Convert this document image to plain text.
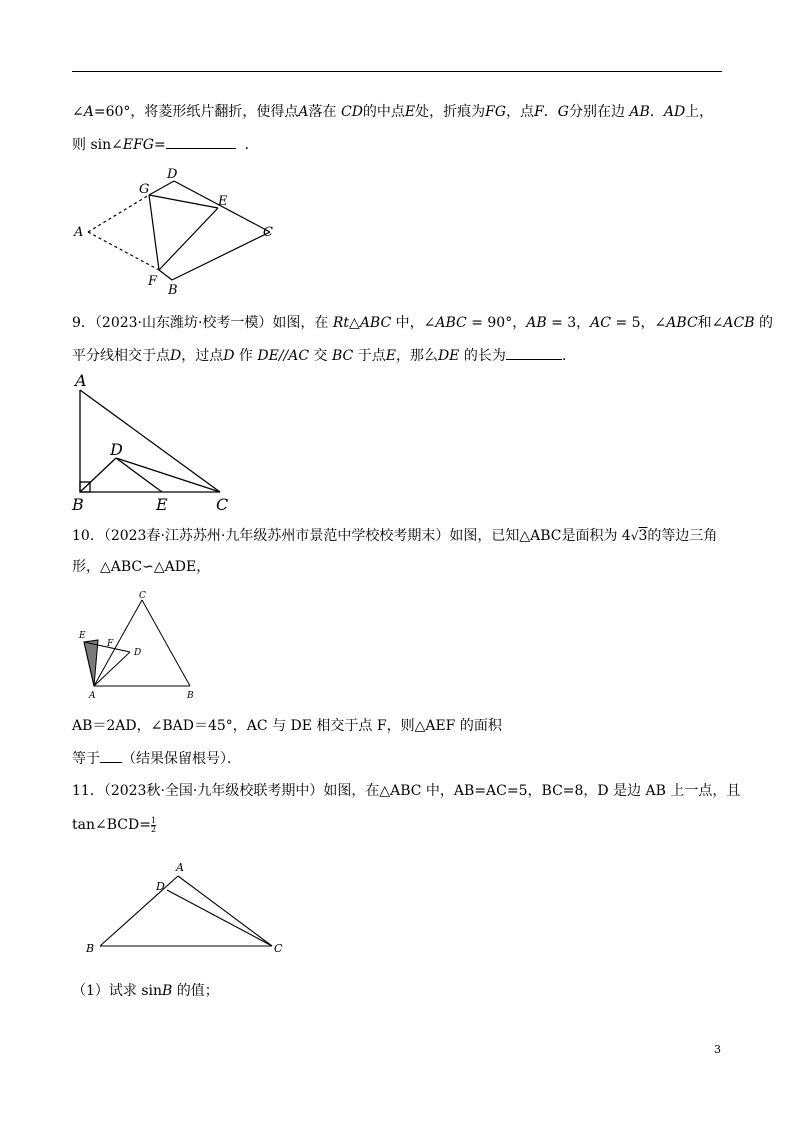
∠A=60°，将菱形纸片翻折，使得点A落在 CD的中点E处，折痕为FG，点F．G分别在边 AB．AD上，
则 sin∠EFG=	．
D
G
E
C
A
F
B
9．（2023·山东潍坊·校考一模）如图，在 Rt△ABC 中，∠ABC = 90°，AB = 3，AC = 5，∠ABC和∠ACB 的
平分线相交于点D，过点D 作 DE//AC 交 BC 于点E，那么DE 的长为	.
A
D
B	E	C
10．（2023春·江苏苏州·九年级苏州市景范中学校校考期末）如图，已知△ABC是面积为 4√3的等边三角
形，△ABC∽△ADE，
C
E
F
D
A	B
AB＝2AD，∠BAD＝45°，AC 与 DE 相交于点 F，则△AEF 的面积
等于 （结果保留根号）．
11．（2023秋·全国·九年级校联考期中）如图，在△ABC 中，AB=AC=5，BC=8，D 是边 AB 上一点，且
tan∠BCD= $\frac{1}{2}$
A
D
B	C
（1）试求 sinB 的值；
3
